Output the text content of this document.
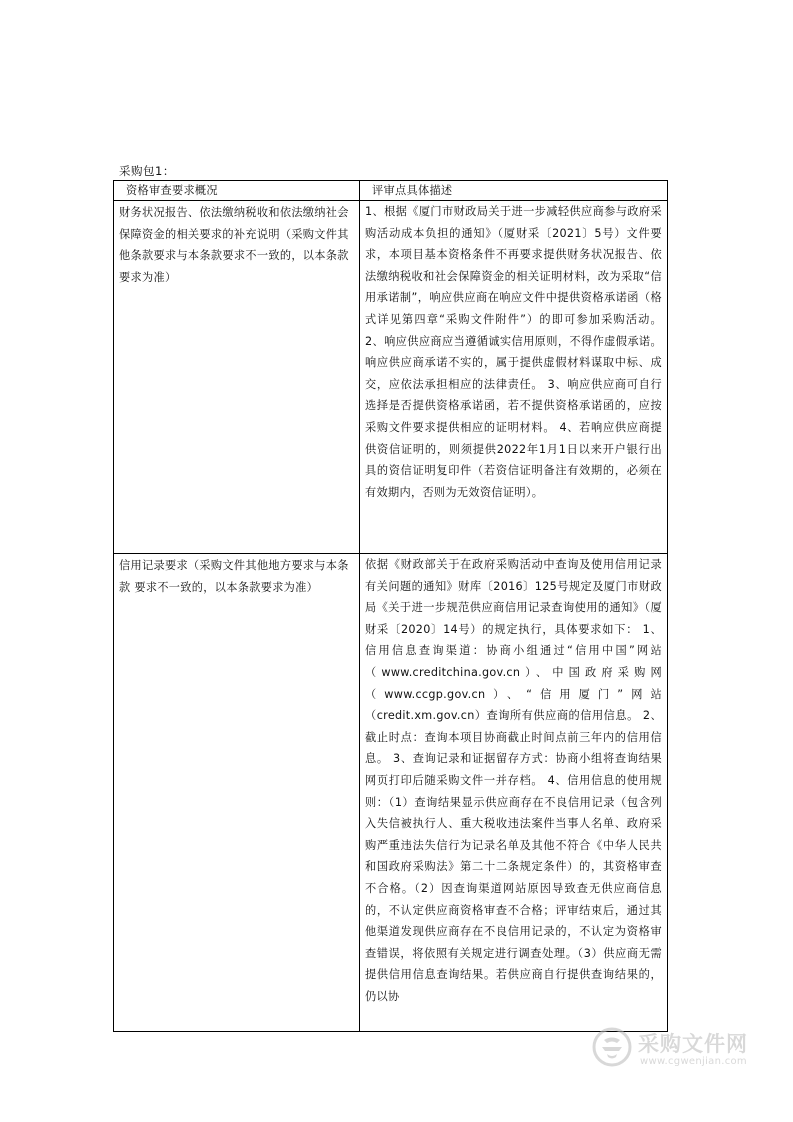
采购包1：
资格审查要求概况	评审点具体描述
财务状况报告、依法缴纳税收和依法缴纳社会保障资金的相关要求的补充说明（采购文件其他条款要求与本条款要求不一致的，以本条款要求为准）	1、根据《厦门市财政局关于进一步减轻供应商参与政府采购活动成本负担的通知》（厦财采〔2021〕5号）文件要求，本项目基本资格条件不再要求提供财务状况报告、依法缴纳税收和社会保障资金的相关证明材料，改为采取“信用承诺制”，响应供应商在响应文件中提供资格承诺函（格式详见第四章“采购文件附件”）的即可参加采购活动。 2、响应供应商应当遵循诚实信用原则，不得作虚假承诺。响应供应商承诺不实的，属于提供虚假材料谋取中标、成交，应依法承担相应的法律责任。 3、响应供应商可自行选择是否提供资格承诺函，若不提供资格承诺函的，应按采购文件要求提供相应的证明材料。 4、若响应供应商提供资信证明的，则须提供2022年1月1日以来开户银行出具的资信证明复印件（若资信证明备注有效期的，必须在有效期内，否则为无效资信证明）。
信用记录要求（采购文件其他地方要求与本条款 要求不一致的，以本条款要求为准）	依据《财政部关于在政府采购活动中查询及使用信用记录有关问题的通知》财库〔2016〕125号规定及厦门市财政局《关于进一步规范供应商信用记录查询使用的通知》（厦财采〔2020〕14号）的规定执行，具体要求如下： 1、信用信息查询渠道：协商小组通过“信用中国”网站（www.creditchina.gov.cn）、中国政府采购网（www.ccgp.gov.cn）、“信用厦门”网站（credit.xm.gov.cn）查询所有供应商的信用信息。 2、截止时点：查询本项目协商截止时间点前三年内的信用信息。 3、查询记录和证据留存方式：协商小组将查询结果网页打印后随采购文件一并存档。 4、信用信息的使用规则：（1）查询结果显示供应商存在不良信用记录（包含列入失信被执行人、重大税收违法案件当事人名单、政府采购严重违法失信行为记录名单及其他不符合《中华人民共和国政府采购法》第二十二条规定条件）的，其资格审查不合格。（2）因查询渠道网站原因导致查无供应商信息的，不认定供应商资格审查不合格；评审结束后，通过其他渠道发现供应商存在不良信用记录的，不认定为资格审查错误，将依照有关规定进行调查处理。（3）供应商无需提供信用信息查询结果。若供应商自行提供查询结果的，仍以协
采购文件网
www.cgwenjian.com
